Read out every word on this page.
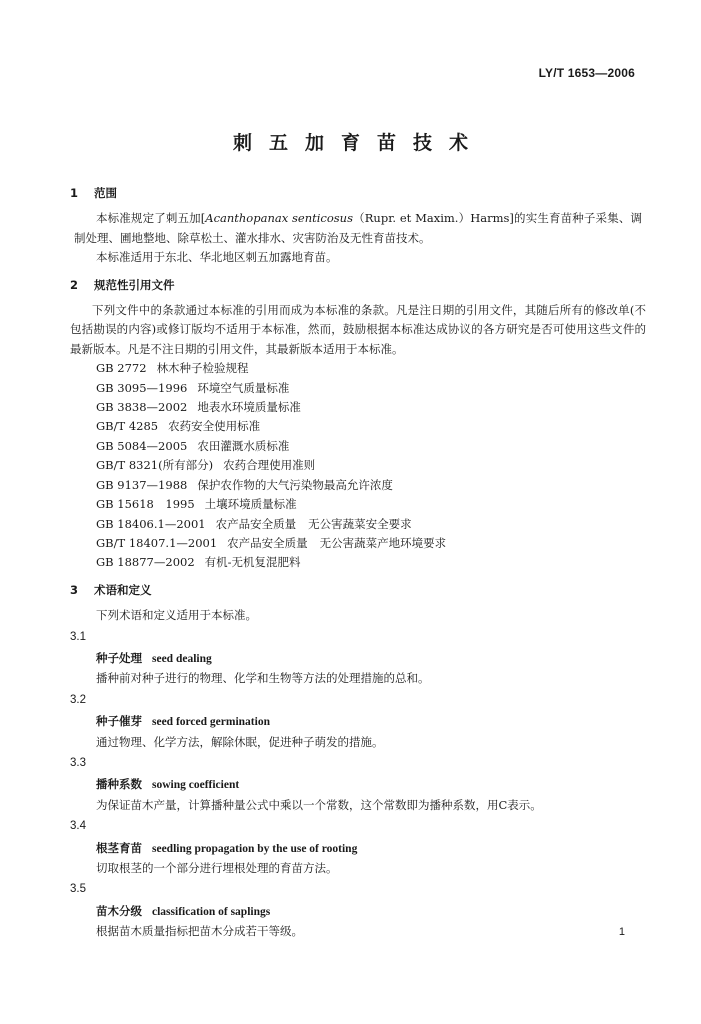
LY/T 1653—2006
刺五加育苗技术
1 范围

本标准规定了刺五加[Acanthopanax senticosus（Rupr. et Maxim.）Harms]的实生育苗种子采集、调制处理、圃地整地、除草松土、灌水排水、灾害防治及无性育苗技术。

本标准适用于东北、华北地区刺五加露地育苗。

2 规范性引用文件

下列文件中的条款通过本标准的引用而成为本标准的条款。凡是注日期的引用文件，其随后所有的修改单(不包括勘误的内容)或修订版均不适用于本标准，然而，鼓励根据本标准达成协议的各方研究是否可使用这些文件的最新版本。凡是不注日期的引用文件，其最新版本适用于本标准。

GB 2772 林木种子检验规程

GB 3095—1996 环境空气质量标准

GB 3838—2002 地表水环境质量标准

GB/T 4285 农药安全使用标准

GB 5084—2005 农田灌溉水质标准

GB/T 8321(所有部分) 农药合理使用准则

GB 9137—1988 保护农作物的大气污染物最高允许浓度

GB 15618　1995 土壤环境质量标准

GB 18406.1—2001 农产品安全质量 无公害蔬菜安全要求

GB/T 18407.1—2001 农产品安全质量 无公害蔬菜产地环境要求

GB 18877—2002 有机-无机复混肥料

3 术语和定义

下列术语和定义适用于本标准。

3.1

种子处理 seed dealing

播种前对种子进行的物理、化学和生物等方法的处理措施的总和。

3.2

种子催芽 seed forced germination

通过物理、化学方法，解除休眠，促进种子萌发的措施。

3.3

播种系数 sowing coefficient

为保证苗木产量，计算播种量公式中乘以一个常数，这个常数即为播种系数，用C表示。

3.4

根茎育苗 seedling propagation by the use of rooting

切取根茎的一个部分进行埋根处理的育苗方法。

3.5

苗木分级 classification of saplings

根据苗木质量指标把苗木分成若干等级。	1
